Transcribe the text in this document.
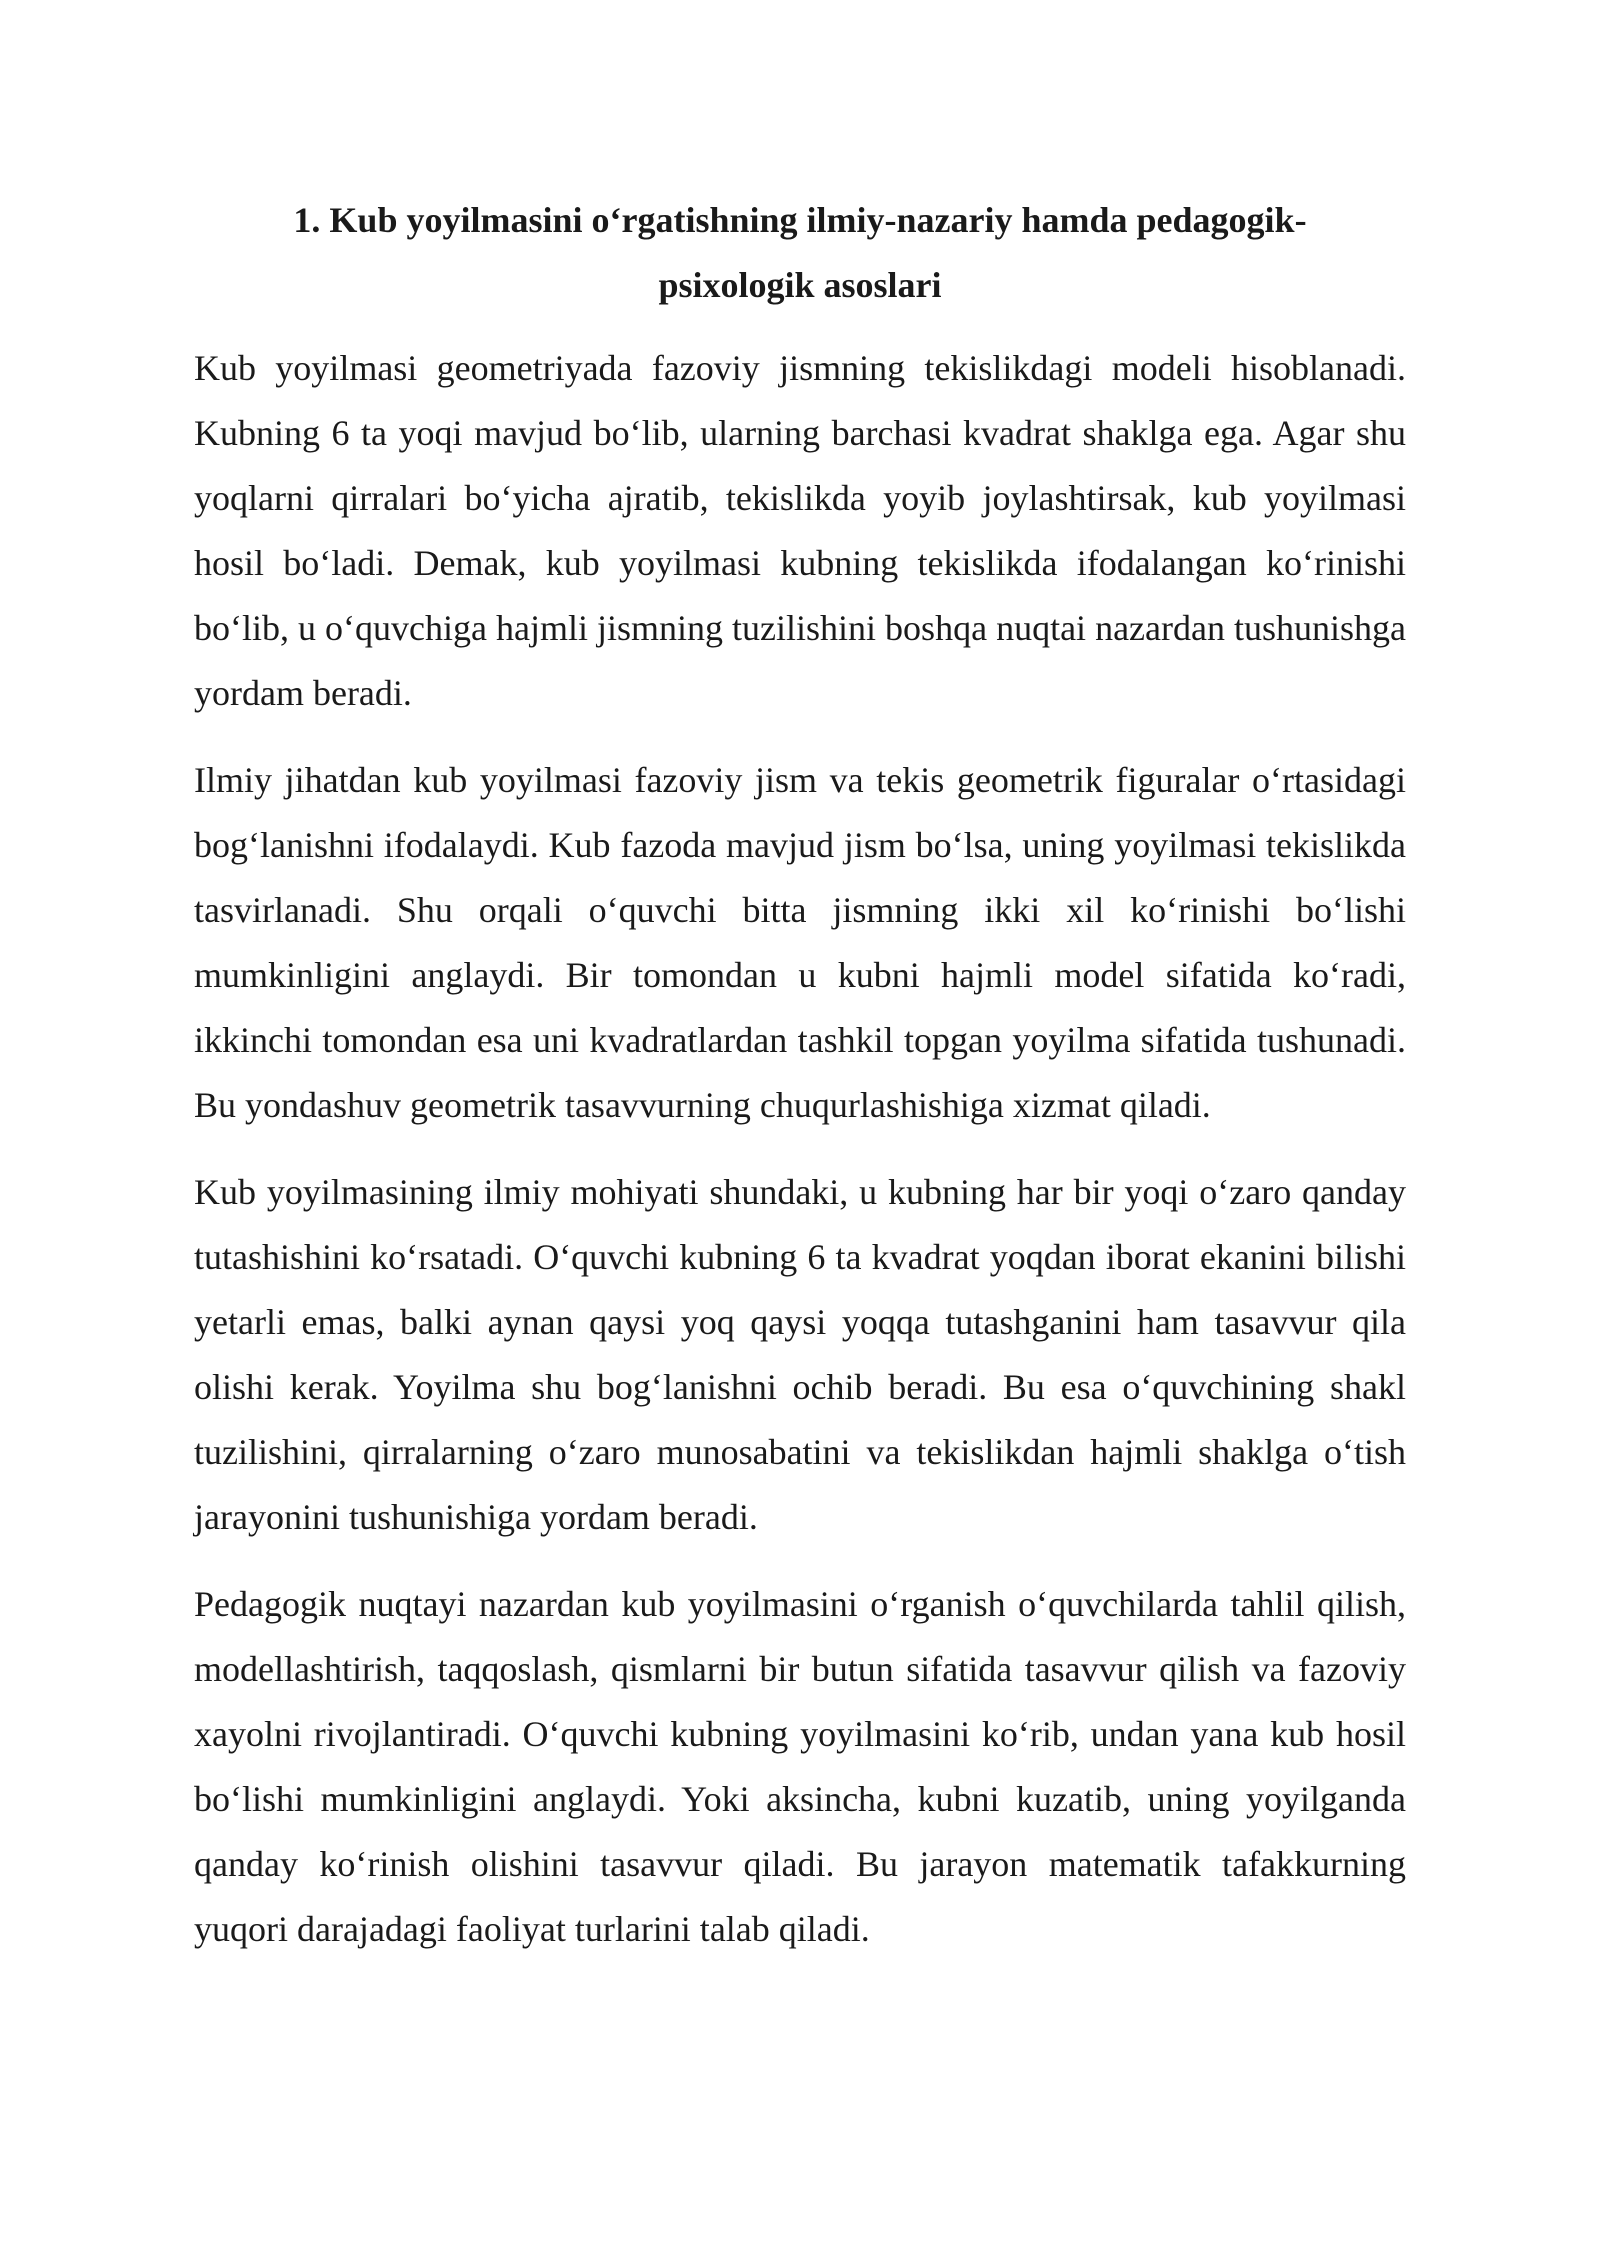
1. Kub yoyilmasini o‘rgatishning ilmiy-nazariy hamda pedagogik-
psixologik asoslari

Kub yoyilmasi geometriyada fazoviy jismning tekislikdagi modeli hisoblanadi. Kubning 6 ta yoqi mavjud bo‘lib, ularning barchasi kvadrat shaklga ega. Agar shu yoqlarni qirralari bo‘yicha ajratib, tekislikda yoyib joylashtirsak, kub yoyilmasi hosil bo‘ladi. Demak, kub yoyilmasi kubning tekislikda ifodalangan ko‘rinishi bo‘lib, u o‘quvchiga hajmli jismning tuzilishini boshqa nuqtai nazardan tushunishga yordam beradi.

Ilmiy jihatdan kub yoyilmasi fazoviy jism va tekis geometrik figuralar o‘rtasidagi bog‘lanishni ifodalaydi. Kub fazoda mavjud jism bo‘lsa, uning yoyilmasi tekislikda tasvirlanadi. Shu orqali o‘quvchi bitta jismning ikki xil ko‘rinishi bo‘lishi mumkinligini anglaydi. Bir tomondan u kubni hajmli model sifatida ko‘radi, ikkinchi tomondan esa uni kvadratlardan tashkil topgan yoyilma sifatida tushunadi. Bu yondashuv geometrik tasavvurning chuqurlashishiga xizmat qiladi.

Kub yoyilmasining ilmiy mohiyati shundaki, u kubning har bir yoqi o‘zaro qanday tutashishini ko‘rsatadi. O‘quvchi kubning 6 ta kvadrat yoqdan iborat ekanini bilishi yetarli emas, balki aynan qaysi yoq qaysi yoqqa tutashganini ham tasavvur qila olishi kerak. Yoyilma shu bog‘lanishni ochib beradi. Bu esa o‘quvchining shakl tuzilishini, qirralarning o‘zaro munosabatini va tekislikdan hajmli shaklga o‘tish jarayonini tushunishiga yordam beradi.

Pedagogik nuqtayi nazardan kub yoyilmasini o‘rganish o‘quvchilarda tahlil qilish, modellashtirish, taqqoslash, qismlarni bir butun sifatida tasavvur qilish va fazoviy xayolni rivojlantiradi. O‘quvchi kubning yoyilmasini ko‘rib, undan yana kub hosil bo‘lishi mumkinligini anglaydi. Yoki aksincha, kubni kuzatib, uning yoyilganda qanday ko‘rinish olishini tasavvur qiladi. Bu jarayon matematik tafakkurning yuqori darajadagi faoliyat turlarini talab qiladi.
